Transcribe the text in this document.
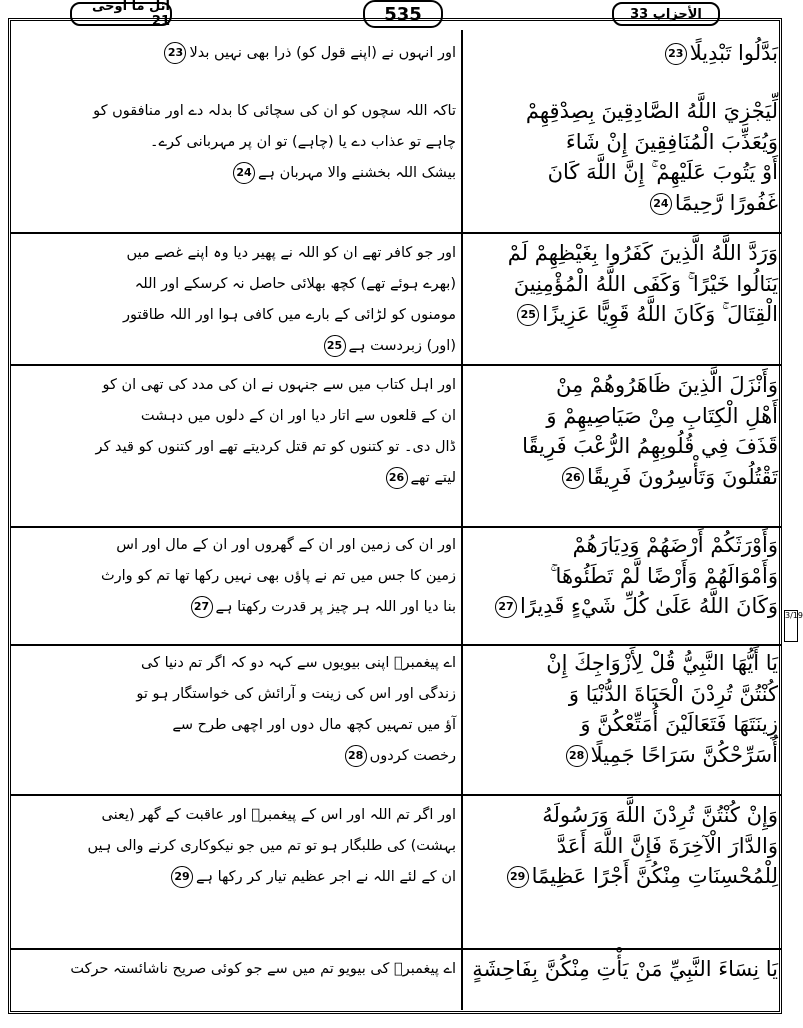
اتل ما اوحی 21	535	الأحزاب 33
3/19
بَدَّلُوا تَبْدِيلًا23
اور انہوں نے (اپنے قول کو) ذرا بھی نہیں بدلا23
لِّيَجْزِيَ اللَّهُ الصَّادِقِينَ بِصِدْقِهِمْ
وَيُعَذِّبَ الْمُنَافِقِينَ إِنْ شَاءَ
أَوْ يَتُوبَ عَلَيْهِمْ ۚ إِنَّ اللَّهَ كَانَ
غَفُورًا رَّحِيمًا24
تاکہ اللہ سچوں کو ان کی سچائی کا بدلہ دے اور منافقوں کو
چاہے تو عذاب دے یا (چاہے) تو ان پر مہربانی کرے۔
بیشک اللہ بخشنے والا مہربان ہے24
وَرَدَّ اللَّهُ الَّذِينَ كَفَرُوا بِغَيْظِهِمْ لَمْ
يَنَالُوا خَيْرًا ۚ وَكَفَى اللَّهُ الْمُؤْمِنِينَ
الْقِتَالَ ۚ وَكَانَ اللَّهُ قَوِيًّا عَزِيزًا25
اور جو کافر تھے ان کو اللہ نے پھیر دیا وہ اپنے غصے میں
(بھرے ہوئے تھے) کچھ بھلائی حاصل نہ کرسکے اور اللہ
مومنوں کو لڑائی کے بارے میں کافی ہوا اور اللہ طاقتور
(اور) زبردست ہے25
وَأَنْزَلَ الَّذِينَ ظَاهَرُوهُمْ مِنْ
أَهْلِ الْكِتَابِ مِنْ صَيَاصِيهِمْ وَ
قَذَفَ فِي قُلُوبِهِمُ الرُّعْبَ فَرِيقًا
تَقْتُلُونَ وَتَأْسِرُونَ فَرِيقًا26
اور اہل کتاب میں سے جنہوں نے ان کی مدد کی تھی ان کو
ان کے قلعوں سے اتار دیا اور ان کے دلوں میں دہشت
ڈال دی۔ تو کتنوں کو تم قتل کردیتے تھے اور کتنوں کو قید کر
لیتے تھے26
وَأَوْرَثَكُمْ أَرْضَهُمْ وَدِيَارَهُمْ
وَأَمْوَالَهُمْ وَأَرْضًا لَّمْ تَطَئُوهَا ۚ
وَكَانَ اللَّهُ عَلَىٰ كُلِّ شَيْءٍ قَدِيرًا27
اور ان کی زمین اور ان کے گھروں اور ان کے مال اور اس
زمین کا جس میں تم نے پاؤں بھی نہیں رکھا تھا تم کو وارث
بنا دیا اور اللہ ہر چیز پر قدرت رکھتا ہے27
يَا أَيُّهَا النَّبِيُّ قُلْ لِأَزْوَاجِكَ إِنْ
كُنْتُنَّ تُرِدْنَ الْحَيَاةَ الدُّنْيَا وَ
زِينَتَهَا فَتَعَالَيْنَ أُمَتِّعْكُنَّ وَ
أُسَرِّحْكُنَّ سَرَاحًا جَمِيلًا28
اے پیغمبرؐ اپنی بیویوں سے کہہ دو کہ اگر تم دنیا کی
زندگی اور اس کی زینت و آرائش کی خواستگار ہو تو
آؤ میں تمہیں کچھ مال دوں اور اچھی طرح سے
رخصت کردوں28
وَإِنْ كُنْتُنَّ تُرِدْنَ اللَّهَ وَرَسُولَهُ
وَالدَّارَ الْآخِرَةَ فَإِنَّ اللَّهَ أَعَدَّ
لِلْمُحْسِنَاتِ مِنْكُنَّ أَجْرًا عَظِيمًا29
اور اگر تم اللہ اور اس کے پیغمبرؐ اور عاقبت کے گھر (یعنی
بہشت) کی طلبگار ہو تو تم میں جو نیکوکاری کرنے والی ہیں
ان کے لئے اللہ نے اجر عظیم تیار کر رکھا ہے29
يَا نِسَاءَ النَّبِيِّ مَنْ يَأْتِ مِنْكُنَّ بِفَاحِشَةٍ
اے پیغمبرؐ کی بیویو تم میں سے جو کوئی صریح ناشائستہ حرکت
